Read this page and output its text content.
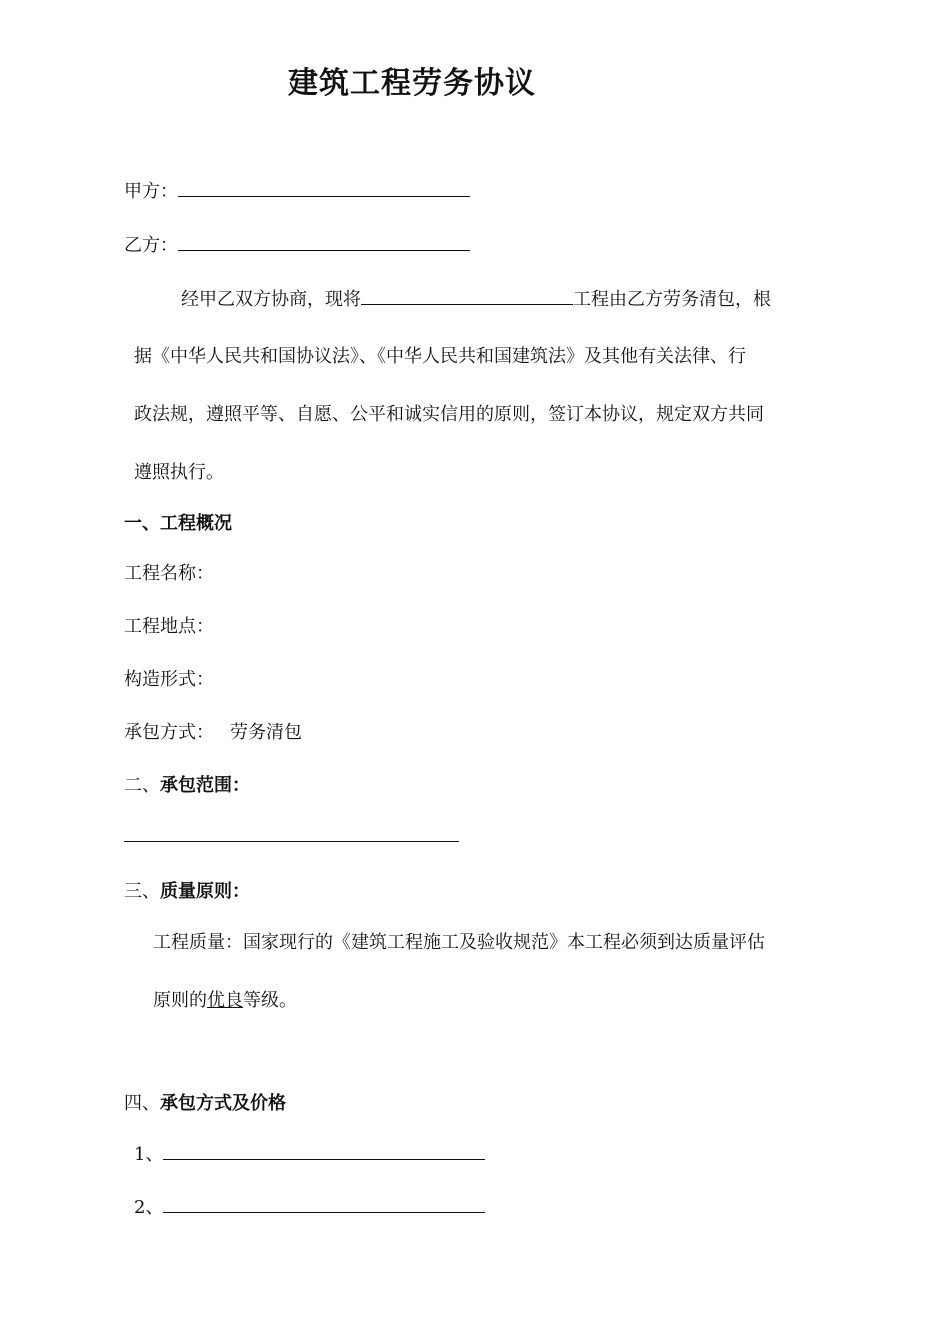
建筑工程劳务协议
甲方：
乙方：
经甲乙双方协商，现将	工程由乙方劳务清包，根
据《中华人民共和国协议法》、《中华人民共和国建筑法》及其他有关法律、行
政法规，遵照平等、自愿、公平和诚实信用的原则，签订本协议，规定双方共同
遵照执行。
一、工程概况
工程名称：
工程地点：
构造形式：
承包方式： 劳务清包
二、承包范围：
三、质量原则：
工程质量：国家现行的《建筑工程施工及验收规范》本工程必须到达质量评估
原则的优良等级。
四、承包方式及价格
1、
2、
